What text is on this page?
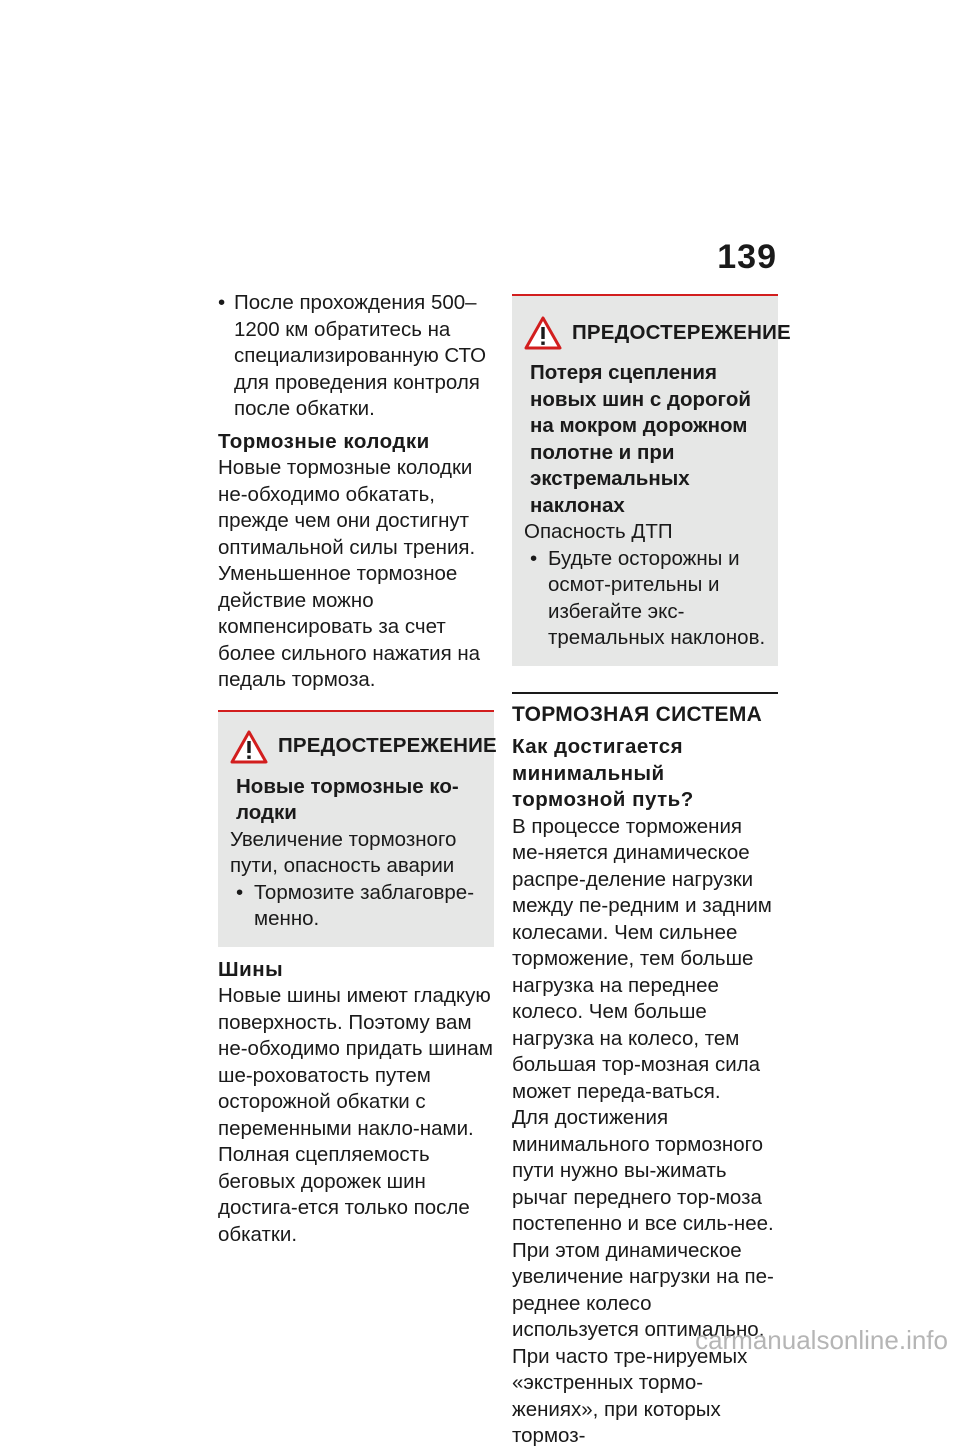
139

• После прохождения 500–1200 км обратитесь на специализированную СТО для проведения контроля после обкатки.

Тормозные колодки

Новые тормозные колодки не-обходимо обкатать, прежде чем они достигнут оптимальной силы трения. Уменьшенное тормозное действие можно компенсировать за счет более сильного нажатия на педаль тормоза.

ПРЕДОСТЕРЕЖЕНИЕ

Новые тормозные ко-лодки

Увеличение тормозного пути, опасность аварии

• Тормозите заблаговре-менно.

Шины

Новые шины имеют гладкую поверхность. Поэтому вам не-обходимо придать шинам ше-роховатость путем осторожной обкатки с переменными накло-нами. Полная сцепляемость беговых дорожек шин достига-ется только после обкатки.

ПРЕДОСТЕРЕЖЕНИЕ

Потеря сцепления новых шин с дорогой на мокром дорожном полотне и при экстремальных наклонах

Опасность ДТП

• Будьте осторожны и осмот-рительны и избегайте экс-тремальных наклонов.

ТОРМОЗНАЯ СИСТЕМА

Как достигается минимальный тормозной путь?

В процессе торможения ме-няется динамическое распре-деление нагрузки между пе-редним и задним колесами. Чем сильнее торможение, тем больше нагрузка на переднее колесо. Чем больше нагрузка на колесо, тем большая тор-мозная сила может переда-ваться.

Для достижения минимального тормозного пути нужно вы-жимать рычаг переднего тор-моза постепенно и все силь-нее. При этом динамическое увеличение нагрузки на пе-реднее колесо используется оптимально. При часто тре-нируемых «экстренных тормо-жениях», при которых тормоз-

carmanualsonline.info
